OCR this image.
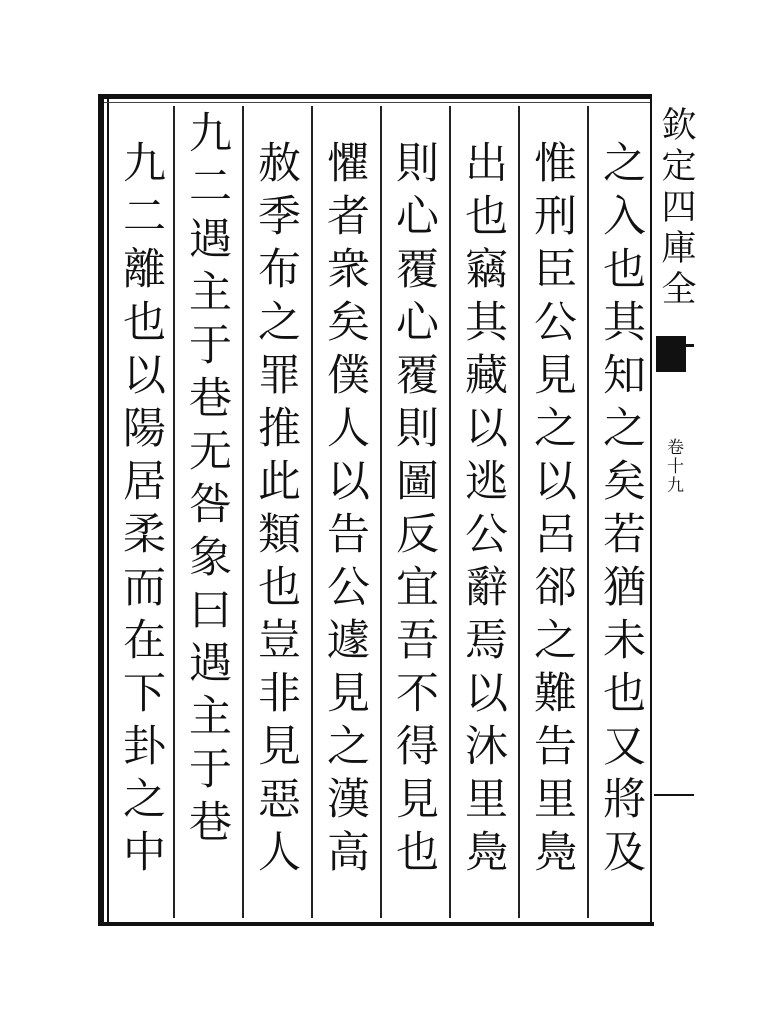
欽定四庫全
卷十九
之入也其知之矣若猶未也又將及
惟刑臣公見之以呂郤之難告里鳧
出也竊其藏以逃公辭焉以沐里鳧
則心覆心覆則圖反宜吾不得見也
懼者衆矣僕人以告公遽見之漢高
赦季布之罪推此類也豈非見惡人
九二遇主于巷无咎象曰遇主于巷
九二離也以陽居柔而在下卦之中
